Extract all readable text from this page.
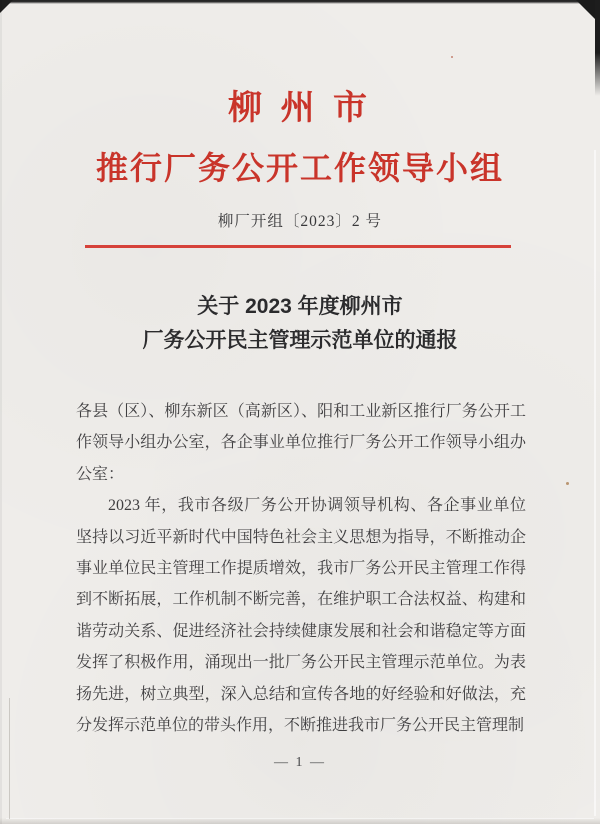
柳 州 市
推行厂务公开工作领导小组
柳厂开组〔2023〕2 号
关于 2023 年度柳州市
厂务公开民主管理示范单位的通报

各县（区）、柳东新区（高新区）、阳和工业新区推行厂务公开工作领导小组办公室，各企事业单位推行厂务公开工作领导小组办公室：

2023 年，我市各级厂务公开协调领导机构、各企事业单位坚持以习近平新时代中国特色社会主义思想为指导，不断推动企事业单位民主管理工作提质增效，我市厂务公开民主管理工作得到不断拓展，工作机制不断完善，在维护职工合法权益、构建和谐劳动关系、促进经济社会持续健康发展和社会和谐稳定等方面发挥了积极作用，涌现出一批厂务公开民主管理示范单位。为表扬先进，树立典型，深入总结和宣传各地的好经验和好做法，充分发挥示范单位的带头作用，不断推进我市厂务公开民主管理制

— 1 —
